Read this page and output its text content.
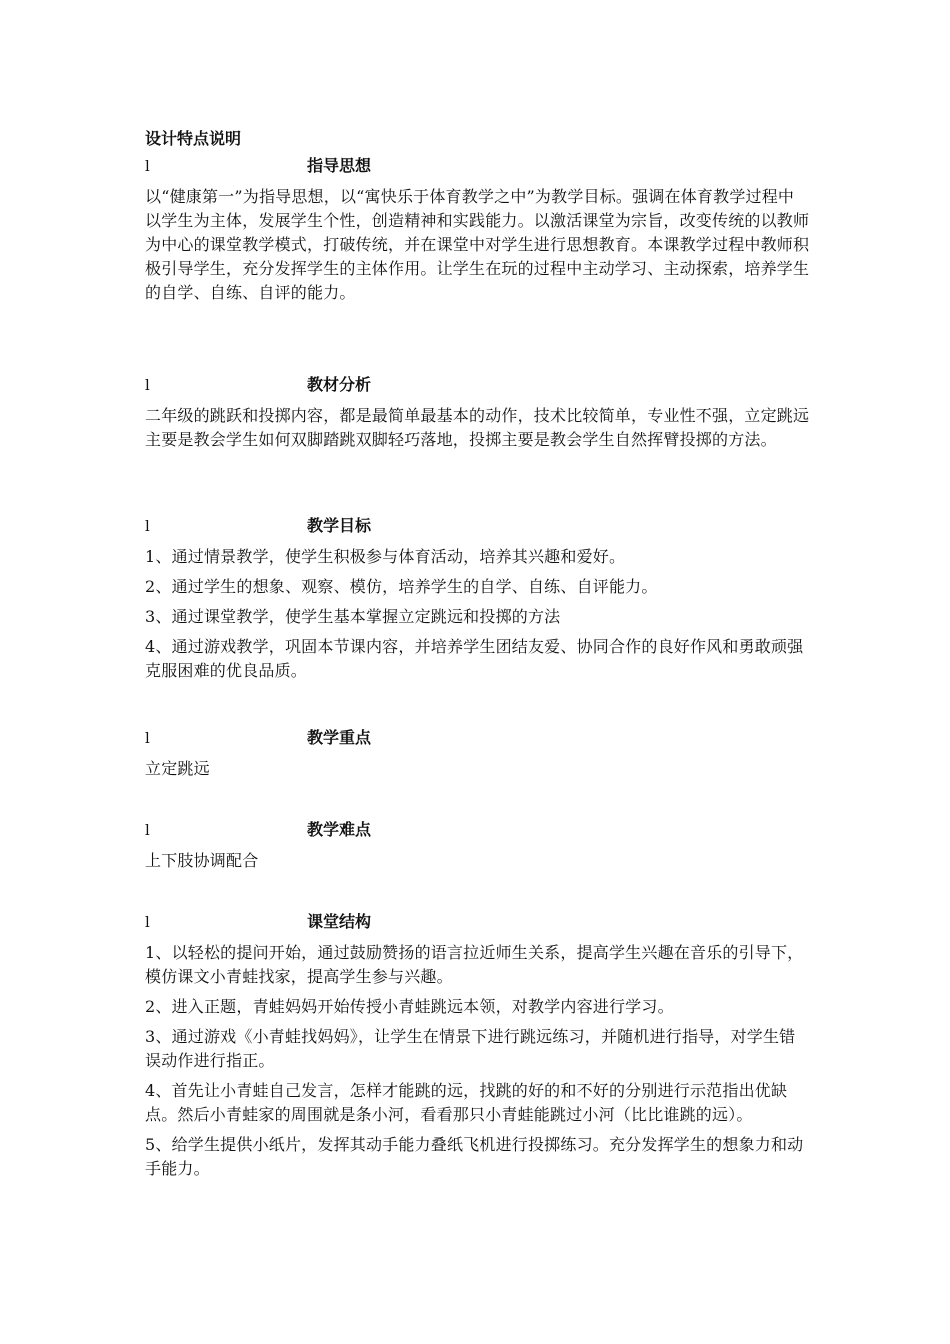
设计特点说明
l	指导思想

以“健康第一”为指导思想，以“寓快乐于体育教学之中”为教学目标。强调在体育教学过程中以学生为主体，发展学生个性，创造精神和实践能力。以激活课堂为宗旨，改变传统的以教师为中心的课堂教学模式，打破传统，并在课堂中对学生进行思想教育。本课教学过程中教师积极引导学生，充分发挥学生的主体作用。让学生在玩的过程中主动学习、主动探索，培养学生的自学、自练、自评的能力。

l	教材分析

二年级的跳跃和投掷内容，都是最简单最基本的动作，技术比较简单，专业性不强，立定跳远主要是教会学生如何双脚踏跳双脚轻巧落地，投掷主要是教会学生自然挥臂投掷的方法。

l	教学目标

1、通过情景教学，使学生积极参与体育活动，培养其兴趣和爱好。

2、通过学生的想象、观察、模仿，培养学生的自学、自练、自评能力。

3、通过课堂教学，使学生基本掌握立定跳远和投掷的方法

4、通过游戏教学，巩固本节课内容，并培养学生团结友爱、协同合作的良好作风和勇敢顽强克服困难的优良品质。

l	教学重点

立定跳远

l	教学难点

上下肢协调配合

l	课堂结构

1、以轻松的提问开始，通过鼓励赞扬的语言拉近师生关系，提高学生兴趣在音乐的引导下，模仿课文小青蛙找家，提高学生参与兴趣。

2、进入正题，青蛙妈妈开始传授小青蛙跳远本领，对教学内容进行学习。

3、通过游戏《小青蛙找妈妈》，让学生在情景下进行跳远练习，并随机进行指导，对学生错误动作进行指正。

4、首先让小青蛙自己发言，怎样才能跳的远，找跳的好的和不好的分别进行示范指出优缺点。然后小青蛙家的周围就是条小河，看看那只小青蛙能跳过小河（比比谁跳的远）。

5、给学生提供小纸片，发挥其动手能力叠纸飞机进行投掷练习。充分发挥学生的想象力和动手能力。
